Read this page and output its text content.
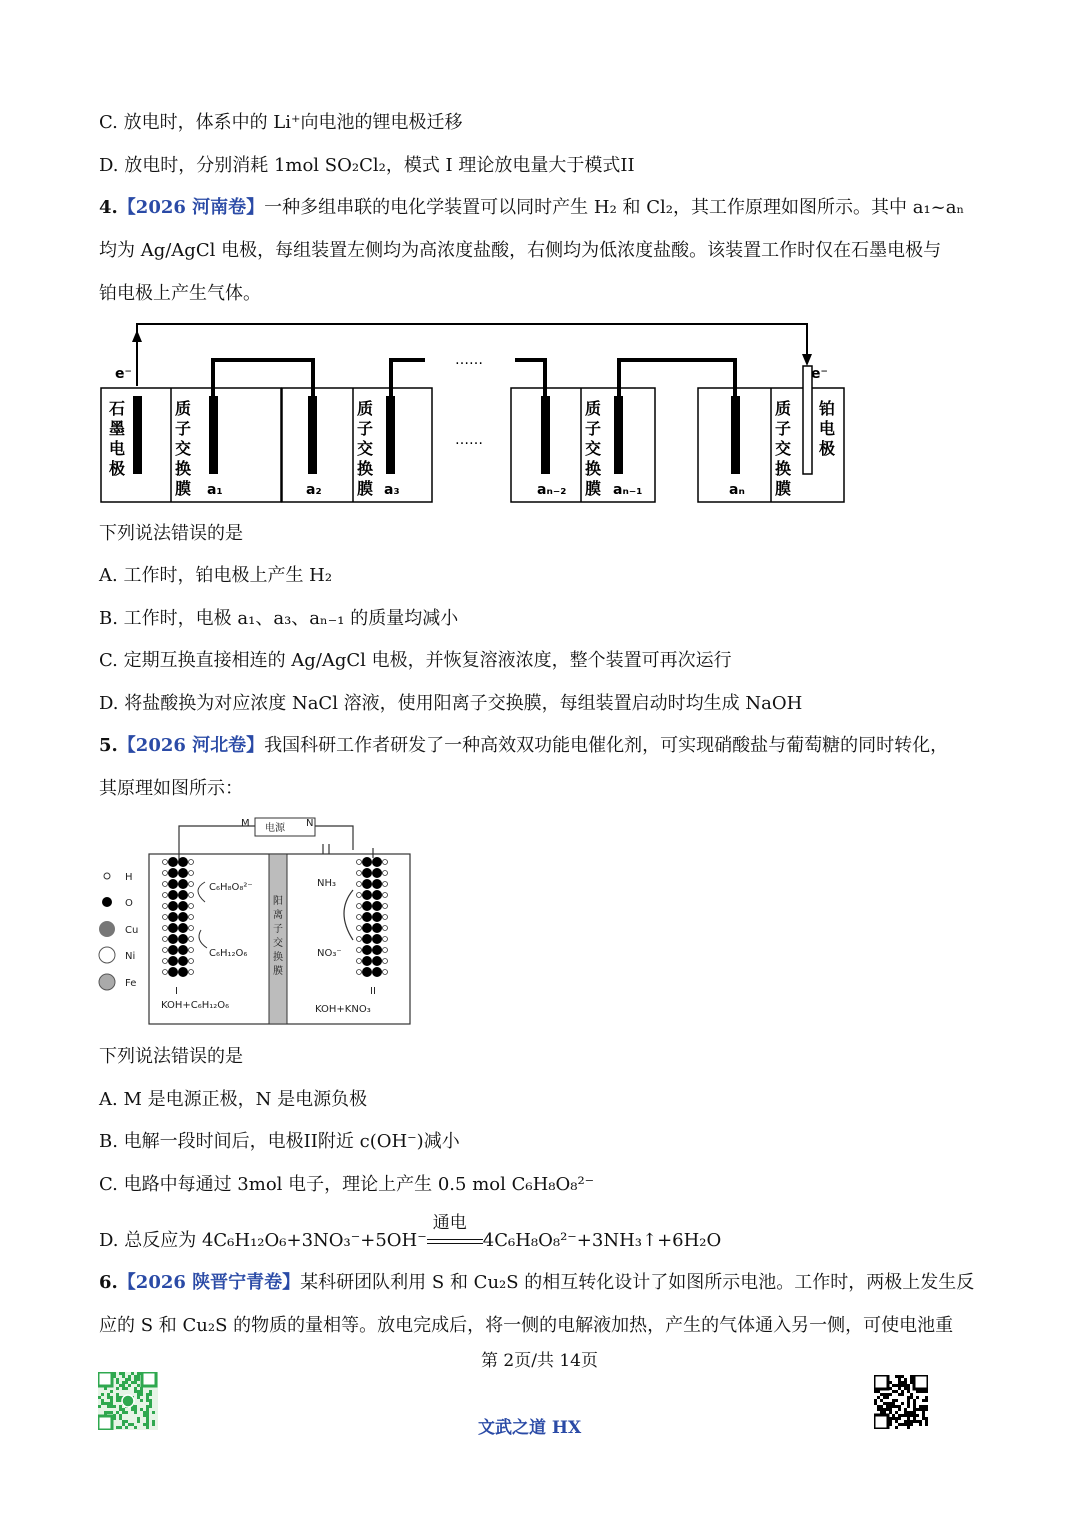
C. 放电时，体系中的 Li⁺向电池的锂电极迁移
D. 放电时，分别消耗 1mol SO₂Cl₂，模式 I 理论放电量大于模式II
4.【2026 河南卷】一种多组串联的电化学装置可以同时产生 H₂ 和 Cl₂，其工作原理如图所示。其中 a₁~aₙ
均为 Ag/AgCl 电极，每组装置左侧均为高浓度盐酸，右侧均为低浓度盐酸。该装置工作时仅在石墨电极与
铂电极上产生气体。
e⁻	e⁻
……
……
石
墨
电
极
质
子
交
换
膜
质
子
交
换
膜
质
子
交
换
膜
质
子
交
换
膜
铂
电
极
a₁	a₂	a₃	aₙ₋₂	aₙ₋₁	aₙ
下列说法错误的是
A. 工作时，铂电极上产生 H₂
B. 工作时，电极 a₁、a₃、aₙ₋₁ 的质量均减小
C. 定期互换直接相连的 Ag/AgCl 电极，并恢复溶液浓度，整个装置可再次运行
D. 将盐酸换为对应浓度 NaCl 溶液，使用阳离子交换膜，每组装置启动时均生成 NaOH
5.【2026 河北卷】我国科研工作者研发了一种高效双功能电催化剂，可实现硝酸盐与葡萄糖的同时转化，
其原理如图所示：
M	N
电源
阳
离
子
交
换
膜
C₆H₈O₈²⁻
C₆H₁₂O₆
NH₃
NO₃⁻
I	II
KOH+C₆H₁₂O₆	KOH+KNO₃
H
O
Cu
Ni
Fe
下列说法错误的是
A. M 是电源正极，N 是电源负极
B. 电解一段时间后，电极II附近 c(OH⁻)减小
C. 电路中每通过 3mol 电子，理论上产生 0.5 mol C₆H₈O₈²⁻
D. 总反应为 4C₆H₁₂O₆+3NO₃⁻+5OH⁻
通电
4C₆H₈O₈²⁻+3NH₃↑+6H₂O
6.【2026 陕晋宁青卷】某科研团队利用 S 和 Cu₂S 的相互转化设计了如图所示电池。工作时，两极上发生反
应的 S 和 Cu₂S 的物质的量相等。放电完成后，将一侧的电解液加热，产生的气体通入另一侧，可使电池重
第 2页/共 14页
文武之道 HX
